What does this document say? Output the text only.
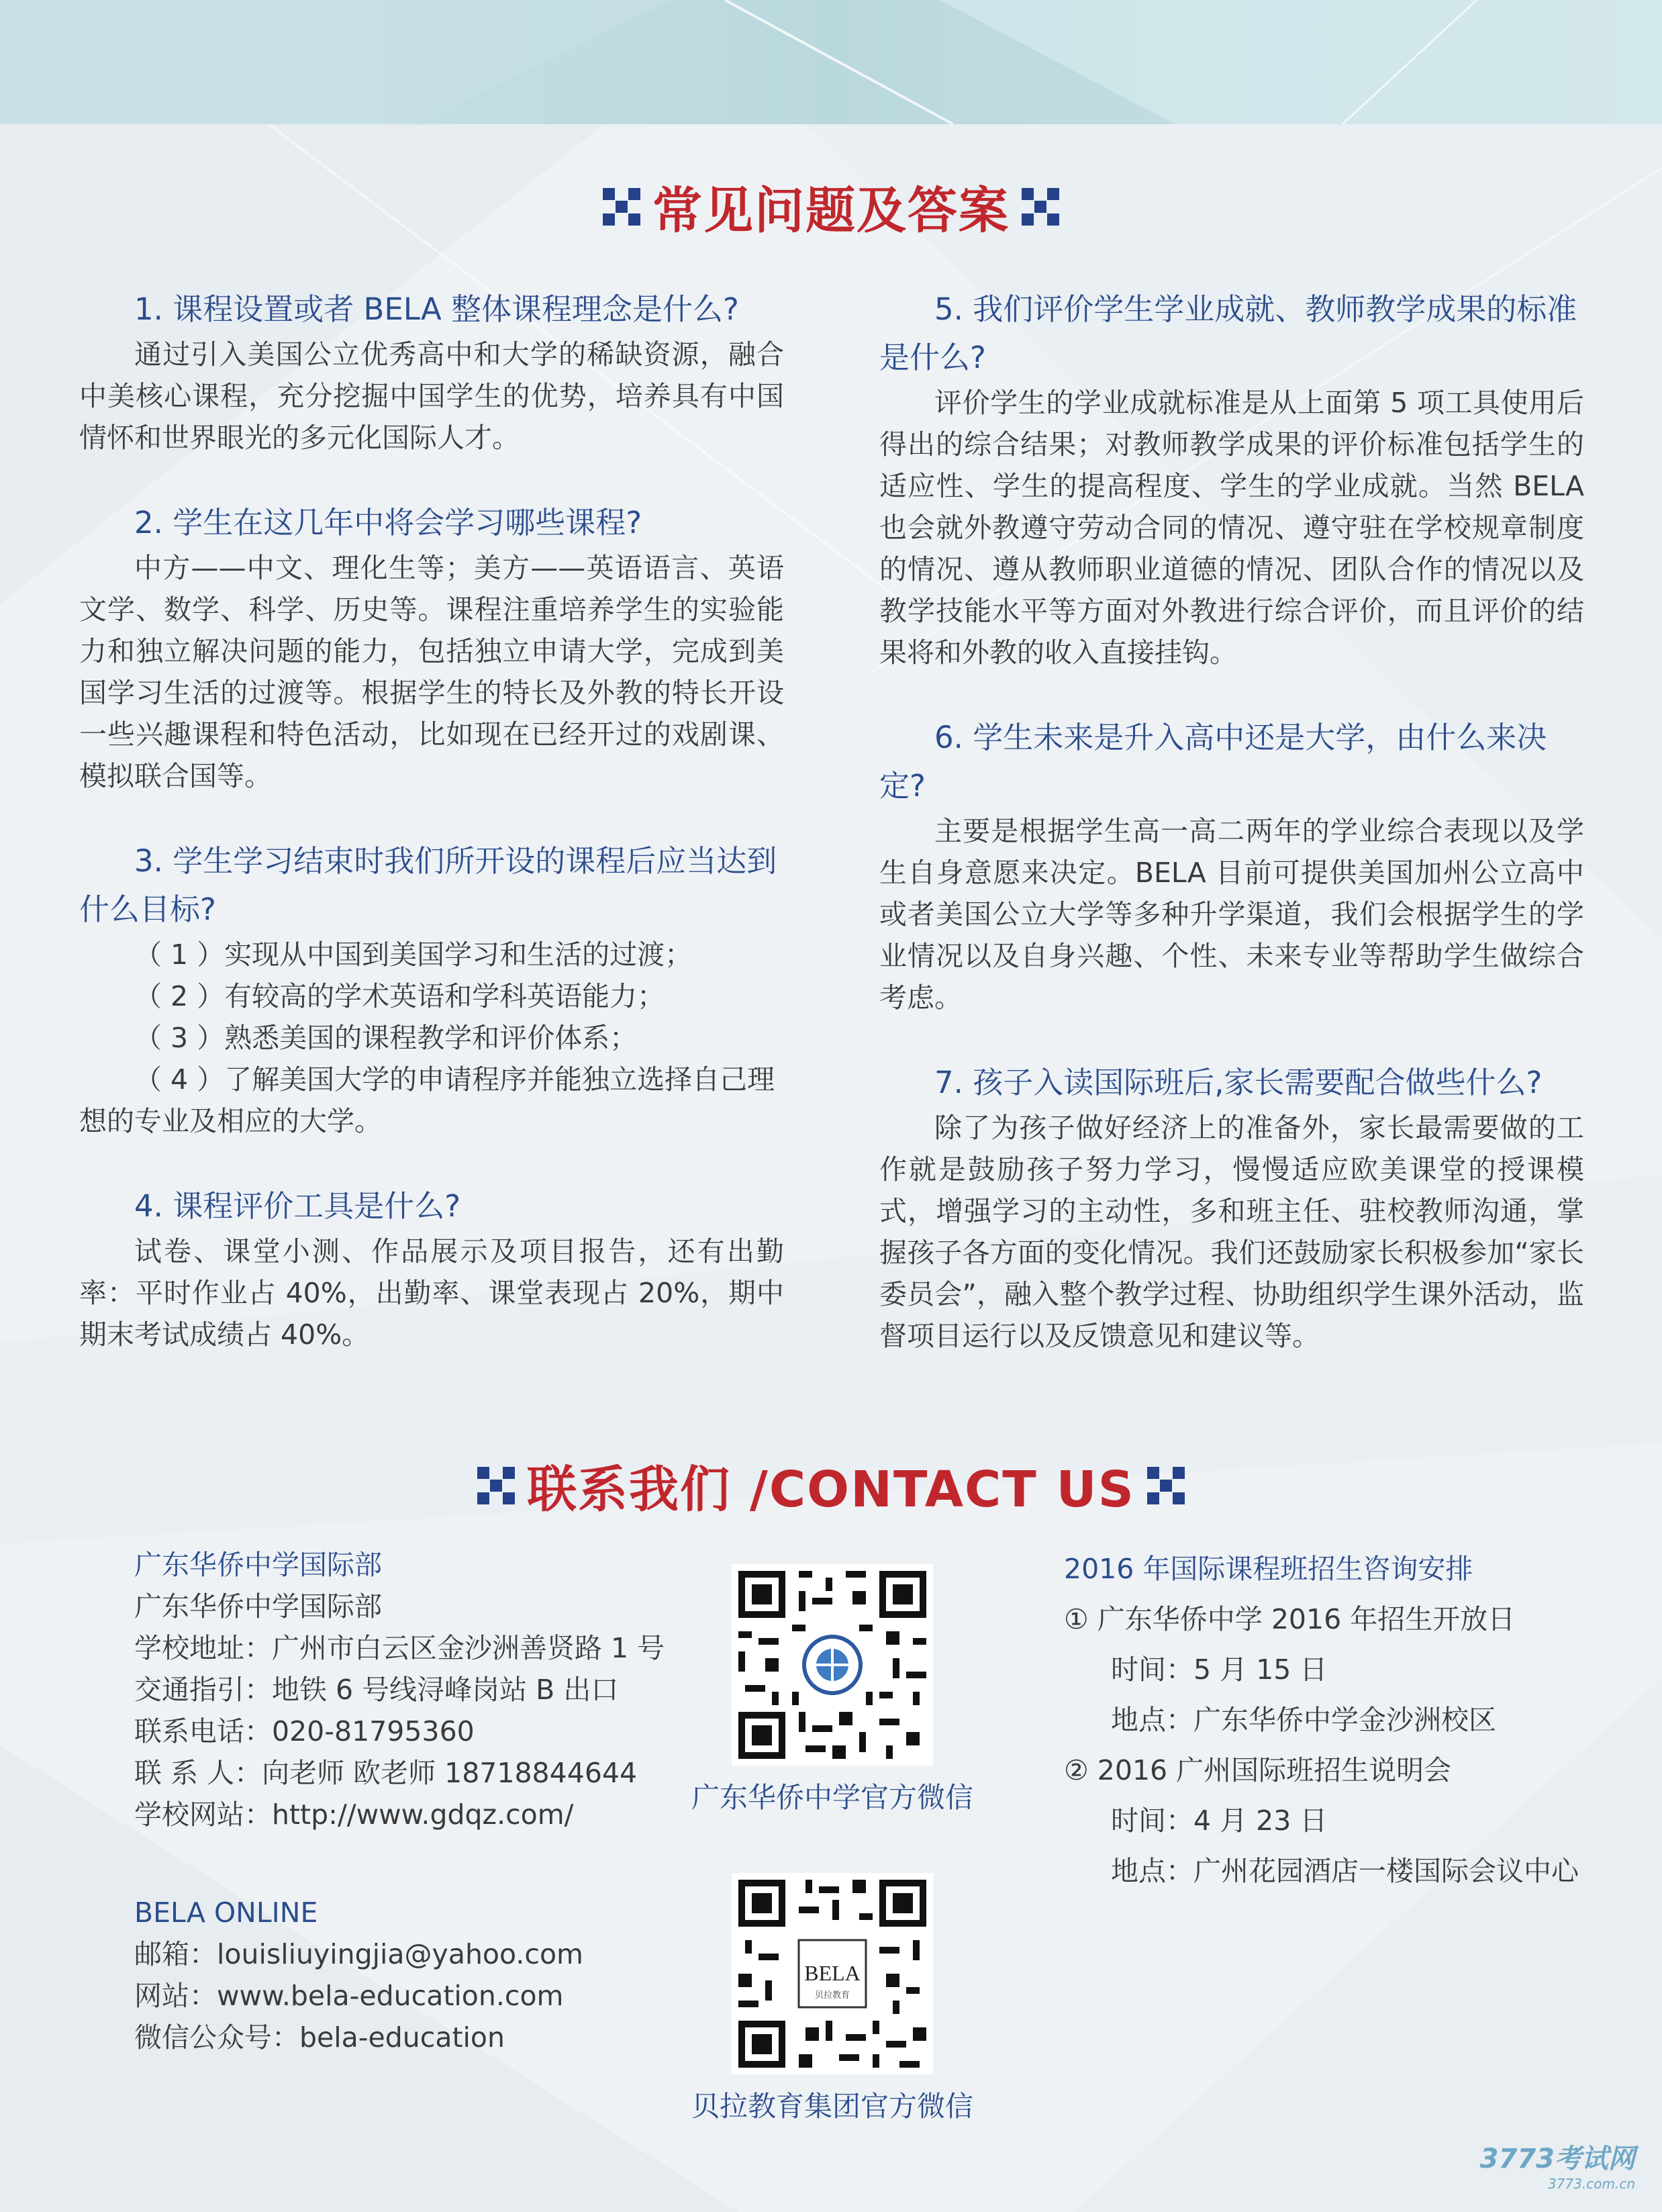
常见问题及答案

1. 课程设置或者 BELA 整体课程理念是什么?

通过引入美国公立优秀高中和大学的稀缺资源，融合中美核心课程，充分挖掘中国学生的优势，培养具有中国情怀和世界眼光的多元化国际人才。

2. 学生在这几年中将会学习哪些课程?

中方——中文、理化生等；美方——英语语言、英语文学、数学、科学、历史等。课程注重培养学生的实验能力和独立解决问题的能力，包括独立申请大学，完成到美国学习生活的过渡等。根据学生的特长及外教的特长开设一些兴趣课程和特色活动，比如现在已经开过的戏剧课、模拟联合国等。

3. 学生学习结束时我们所开设的课程后应当达到什么目标?

（ 1 ）实现从中国到美国学习和生活的过渡；

（ 2 ）有较高的学术英语和学科英语能力；

（ 3 ）熟悉美国的课程教学和评价体系；

（ 4 ）了解美国大学的申请程序并能独立选择自己理想的专业及相应的大学。

4. 课程评价工具是什么?

试卷、课堂小测、作品展示及项目报告，还有出勤率：平时作业占 40%，出勤率、课堂表现占 20%，期中期末考试成绩占 40%。

5. 我们评价学生学业成就、教师教学成果的标准是什么?

评价学生的学业成就标准是从上面第 5 项工具使用后得出的综合结果；对教师教学成果的评价标准包括学生的适应性、学生的提高程度、学生的学业成就。当然 BELA 也会就外教遵守劳动合同的情况、遵守驻在学校规章制度的情况、遵从教师职业道德的情况、团队合作的情况以及教学技能水平等方面对外教进行综合评价，而且评价的结果将和外教的收入直接挂钩。

6. 学生未来是升入高中还是大学，由什么来决定?

主要是根据学生高一高二两年的学业综合表现以及学生自身意愿来决定。BELA 目前可提供美国加州公立高中或者美国公立大学等多种升学渠道，我们会根据学生的学业情况以及自身兴趣、个性、未来专业等帮助学生做综合考虑。

7. 孩子入读国际班后,家长需要配合做些什么?

除了为孩子做好经济上的准备外，家长最需要做的工作就是鼓励孩子努力学习，慢慢适应欧美课堂的授课模式，增强学习的主动性，多和班主任、驻校教师沟通，掌握孩子各方面的变化情况。我们还鼓励家长积极参加“家长委员会”，融入整个教学过程、协助组织学生课外活动，监督项目运行以及反馈意见和建议等。

联系我们 /CONTACT US

广东华侨中学国际部

广东华侨中学国际部

学校地址：广州市白云区金沙洲善贤路 1 号

交通指引：地铁 6 号线浔峰岗站 B 出口

联系电话：020-81795360

联 系 人：向老师 欧老师 18718844644

学校网站：http://www.gdqz.com/

BELA ONLINE

邮箱：louisliuyingjia@yahoo.com

网站：www.bela-education.com

微信公众号：bela-education

广东华侨中学官方微信
BELA
贝拉教育
贝拉教育集团官方微信

2016 年国际课程班招生咨询安排

① 广东华侨中学 2016 年招生开放日

时间：5 月 15 日

地点：广东华侨中学金沙洲校区

② 2016 广州国际班招生说明会

时间：4 月 23 日

地点：广州花园酒店一楼国际会议中心

3773考试网
3773.com.cn
